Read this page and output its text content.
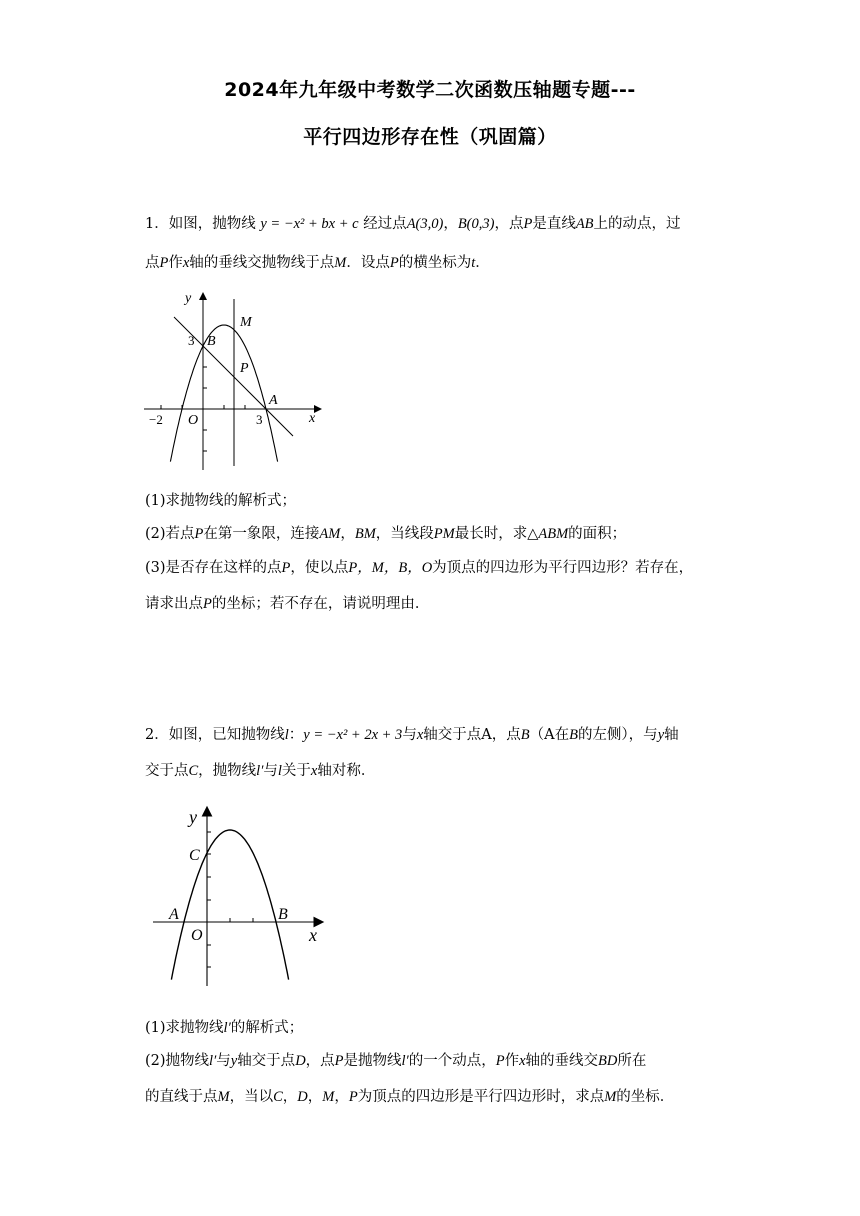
2024年九年级中考数学二次函数压轴题专题---
平行四边形存在性（巩固篇）
1．如图，抛物线 y = −x² + bx + c 经过点A(3,0)，B(0,3)，点P是直线AB上的动点，过
点P作x轴的垂线交抛物线于点M．设点P的横坐标为t．
y
M
3 B
P
A
−2 O	3	x
(1)求抛物线的解析式；
(2)若点P在第一象限，连接AM，BM，当线段PM最长时，求△ABM的面积；
(3)是否存在这样的点P，使以点P，M，B，O为顶点的四边形为平行四边形？若存在，
请求出点P的坐标；若不存在，请说明理由．
2．如图，已知抛物线l：y = −x² + 2x + 3与x轴交于点A，点B（A在B的左侧），与y轴
交于点C，抛物线l′与l关于x轴对称．
y
C
A	B
O	x
(1)求抛物线l′的解析式；
(2)抛物线l′与y轴交于点D，点P是抛物线l′的一个动点，P作x轴的垂线交BD所在
的直线于点M，当以C，D，M，P为顶点的四边形是平行四边形时，求点M的坐标．
